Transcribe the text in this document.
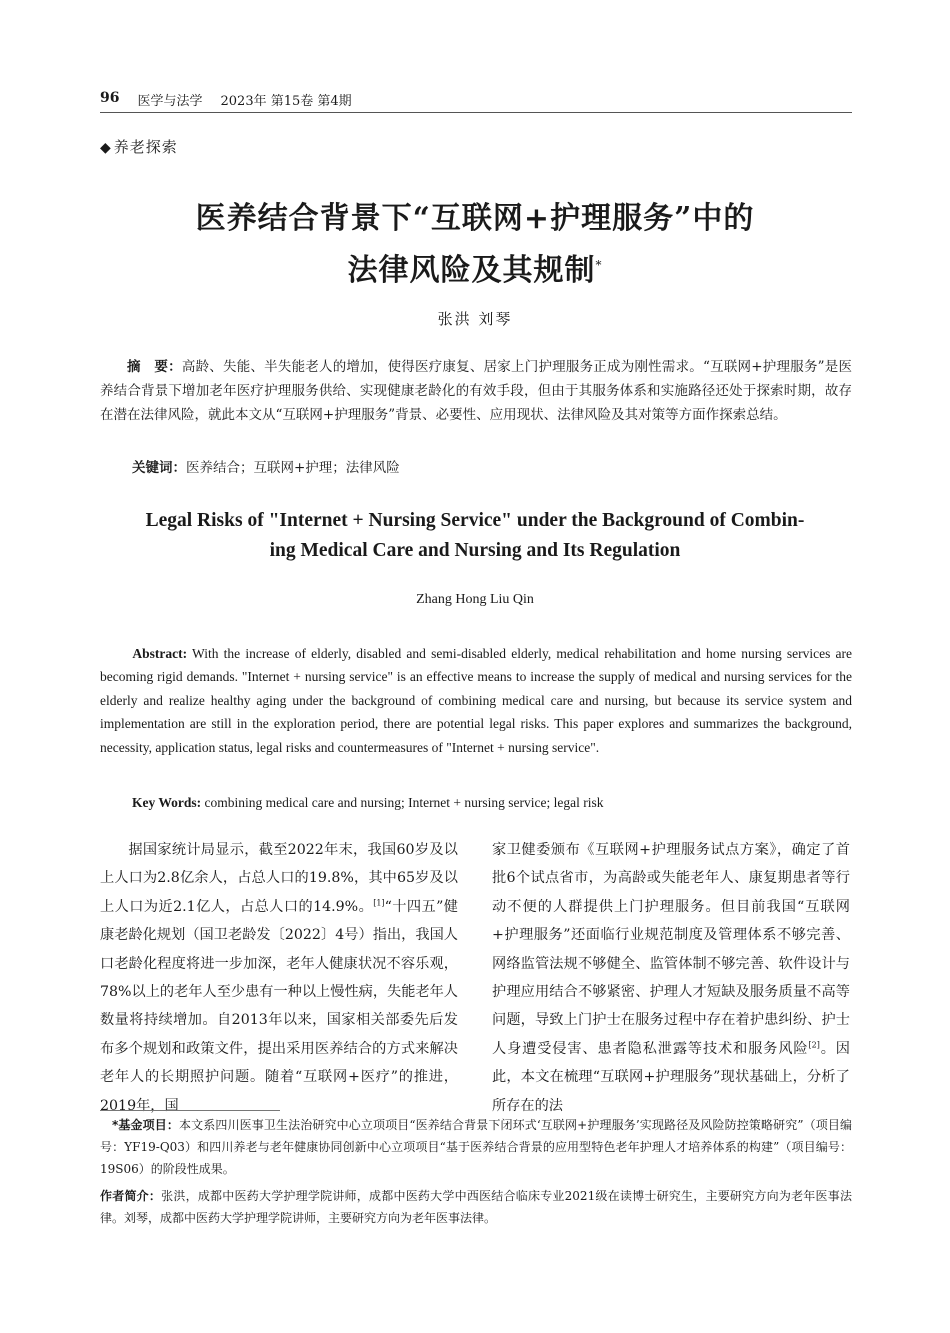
96 医学与法学 2023年 第15卷 第4期
◆ 养老探索
医养结合背景下“互联网+护理服务”中的
法律风险及其规制*
张洪 刘琴
摘　要：高龄、失能、半失能老人的增加，使得医疗康复、居家上门护理服务正成为刚性需求。“互联网+护理服务”是医养结合背景下增加老年医疗护理服务供给、实现健康老龄化的有效手段，但由于其服务体系和实施路径还处于探索时期，故存在潜在法律风险，就此本文从“互联网+护理服务”背景、必要性、应用现状、法律风险及其对策等方面作探索总结。
关键词：医养结合；互联网+护理；法律风险
Legal Risks of "Internet + Nursing Service" under the Background of Combin-
ing Medical Care and Nursing and Its Regulation
Zhang Hong Liu Qin
Abstract: With the increase of elderly, disabled and semi-disabled elderly, medical rehabilitation and home nursing services are becoming rigid demands. "Internet + nursing service" is an effective means to increase the supply of medical and nursing services for the elderly and realize healthy aging under the background of combining medical care and nursing, but because its service system and implementation are still in the exploration period, there are potential legal risks. This paper explores and summarizes the background, necessity, application status, legal risks and countermeasures of "Internet + nursing service".
Key Words: combining medical care and nursing; Internet + nursing service; legal risk

据国家统计局显示，截至2022年末，我国60岁及以上人口为2.8亿余人，占总人口的19.8%，其中65岁及以上人口为近2.1亿人，占总人口的14.9%。[1]“十四五”健康老龄化规划（国卫老龄发〔2022〕4号）指出，我国人口老龄化程度将进一步加深，老年人健康状况不容乐观，78%以上的老年人至少患有一种以上慢性病，失能老年人数量将持续增加。自2013年以来，国家相关部委先后发布多个规划和政策文件，提出采用医养结合的方式来解决老年人的长期照护问题。随着“互联网+医疗”的推进，2019年，国

家卫健委颁布《互联网+护理服务试点方案》，确定了首批6个试点省市，为高龄或失能老年人、康复期患者等行动不便的人群提供上门护理服务。但目前我国“互联网+护理服务”还面临行业规范制度及管理体系不够完善、网络监管法规不够健全、监管体制不够完善、软件设计与护理应用结合不够紧密、护理人才短缺及服务质量不高等问题，导致上门护士在服务过程中存在着护患纠纷、护士人身遭受侵害、患者隐私泄露等技术和服务风险[2]。因此，本文在梳理“互联网+护理服务”现状基础上，分析了所存在的法

*基金项目：本文系四川医事卫生法治研究中心立项项目“医养结合背景下闭环式‘互联网+护理服务’实现路径及风险防控策略研究”（项目编号：YF19-Q03）和四川养老与老年健康协同创新中心立项项目“基于医养结合背景的应用型特色老年护理人才培养体系的构建”（项目编号：19S06）的阶段性成果。
作者简介：张洪，成都中医药大学护理学院讲师，成都中医药大学中西医结合临床专业2021级在读博士研究生，主要研究方向为老年医事法律。刘琴，成都中医药大学护理学院讲师，主要研究方向为老年医事法律。
